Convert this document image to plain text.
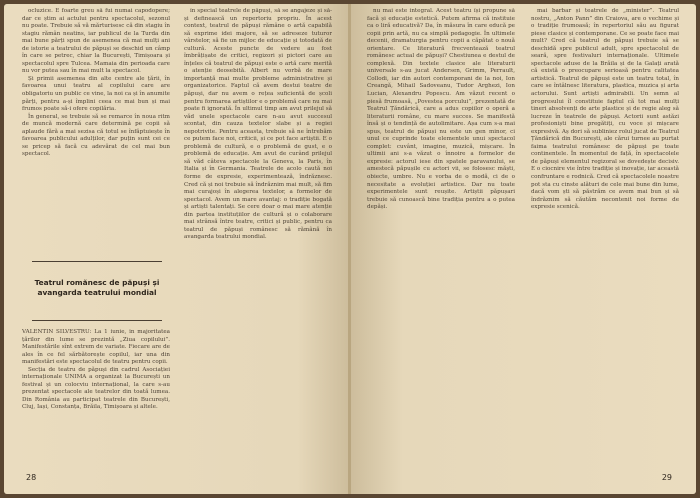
ocluzice. E foarte greu să fui numai capodopere; dar ce știm ai actului pentru spectacolul, sezonul nu poate. Trebuie să vă mărturisesc că din stagiu în stagiu rămân neatins, iar publicul de la Turda din mai bune părți spun de asemenea că mai mulți ani de istorie a teatrului de păpuși se deschid un câmp în care se petrec, chiar la București, Timișoara și spectacolul spre Tulcea. Mamaia din perioada care nu vor putea sau în mai mult la spectacol.

Și primii asemenea din alte centre ale țării, în favoarea unui teatru al copilului care are obligatoriu un public ce vine, la noi ca și în anumite părți, pentru a-și împlini ceea ce mai bun și mai frumos poate să-i ofere copilăria.

În general, se trebuie să se remarce în noua ritm de muncă modernă care determină pe copii să aplaude fără a mai sezisa că totul se înfăptuiește în favoarea publicului adulților, dar puțin sunt cei ce se pricep să facă cu adevărat de cel mai bun spectacol.

Teatrul romănesc de păpuși și avangarda teatrului mondial

VALENTIN SILVESTRU: La 1 iunie, în majoritatea țărilor din lume se prezintă „Ziua copilului”. Manifestările sînt extrem de variate. Fiecare are de ales în ce fel sărbătorește copilul, iar una din manifestări este spectacolul de teatru pentru copii.

Secția de teatru de păpuși din cadrul Asociației internaționale UNIMA a organizat la București un festival și un colocviu internațional, la care s-au prezentat spectacole ale teatrelor din toată lumea. Din România au participat teatrele din București, Cluj, Iași, Constanța, Brăila, Timișoara și altele.

în special teatrele de păpuși, să se angajeze și să-și definească un repertoriu propriu. În acest context, teatrul de păpuși rămâne o artă capabilă să exprime idei majore, să se adreseze tuturor vârstelor, să fie un mijloc de educație și totodată de cultură. Aceste puncte de vedere au fost îmbrățișate de critici, regizori și pictori care au înțeles că teatrul de păpuși este o artă care merită o atenție deosebită. Albert nu vorbă de mare importanță mai multe probleme administrative și organizatorice. Faptul că avem destui teatre de păpuși, dar nu avem o rețea suficientă de școli pentru formarea artiștilor e o problemă care nu mai poate fi ignorată. În ultimul timp am avut prilejul să văd unele spectacole care n-au avut succesul scontat, din cauza textelor slabe și a regiei nepotrivite. Pentru aceasta, trebuie să ne întrebăm ce putem face noi, criticii, și ce pot face artiștii. E o problemă de cultură, e o problemă de gust, e o problemă de educație. Am avut de curând prilejul să văd câteva spectacole la Geneva, la Paris, în Italia și în Germania. Teatrele de acolo caută noi forme de expresie, experimentează, îndrăznesc. Cred că și noi trebuie să îndrăznim mai mult, să fim mai curajoși în alegerea textelor, a formelor de spectacol. Avem un mare avantaj: o tradiție bogată și artiști talentați. Se cere doar o mai mare atenție din partea instituțiilor de cultură și o colaborare mai strânsă între teatre, critici și public, pentru ca teatrul de păpuși românesc să rămână în avangarda teatrului mondial.

28

nu mai este integral. Acest teatru își propune să facă și educație estetică. Putem afirma că instituie ca o liră educativă? Da, în măsura în care educă pe copii prin artă, nu ca simplă pedagogie. În ultimele decenii, dramaturgia pentru copii a căpătat o nouă orientare. Ce literatură frecventează teatrul românesc actual de păpuși? Chestiunea e destul de complexă. Din textele clasice ale literaturii universale s-au jucat Andersen, Grimm, Perrault, Collodi, iar din autori contemporani de la noi, Ion Creangă, Mihail Sadoveanu, Tudor Arghezi, Ion Lucian, Alexandru Popescu. Am văzut recent o piesă frumoasă, „Povestea porcului”, prezentată de Teatrul Țăndărică, care a adus copiilor o operă a literaturii române, cu mare succes. Se manifestă însă și o tendință de autolimitare. Așa cum s-a mai spus, teatrul de păpuși nu este un gen minor, ci unul ce cuprinde toate elementele unui spectacol complet: cuvânt, imagine, muzică, mișcare. În ultimii ani s-a văzut o înnoire a formelor de expresie: actorul iese din spatele paravanului, se amestecă păpușile cu actori vii, se folosesc măști, obiecte, umbre. Nu e vorba de o modă, ci de o necesitate a evoluției artistice. Dar nu toate experimentele sunt reușite. Artiștii păpușari trebuie să cunoască bine tradiția pentru a o putea depăși.

mai barbar și teatrele de „minister”. Teatrul nostru, „Anton Pann” din Craiova, are o vechime și o tradiție frumoasă; în repertoriul său au figurat piese clasice și contemporane. Ce se poate face mai mult? Cred că teatrul de păpuși trebuie să se deschidă spre publicul adult, spre spectacolul de seară, spre festivaluri internaționale. Ultimele spectacole aduse de la Brăila și de la Galați arată că există o preocupare serioasă pentru calitatea artistică. Teatrul de păpuși este un teatru total, în care se întâlnesc literatura, plastica, muzica și arta actorului. Sunt artiști admirabili. Un semn al progresului îl constituie faptul că tot mai mulți tineri absolvenți de arte plastice și de regie aleg să lucreze în teatrele de păpuși. Actorii sunt astăzi profesioniști bine pregătiți, cu voce și mișcare expresivă. Aș dori să subliniez rolul jucat de Teatrul Țăndărică din București, ale cărui turnee au purtat faima teatrului românesc de păpuși pe toate continentele. În momentul de față, în spectacolele de păpuși elementul regizoral se dovedește decisiv. E o ciocnire vie între tradiție și inovație, iar această confruntare e rodnică. Cred că spectacolele noastre pot sta cu cinste alături de cele mai bune din lume, dacă vom ști să păstrăm ce avem mai bun și să îndrăznim să căutăm necontenit noi forme de expresie scenică.

29
